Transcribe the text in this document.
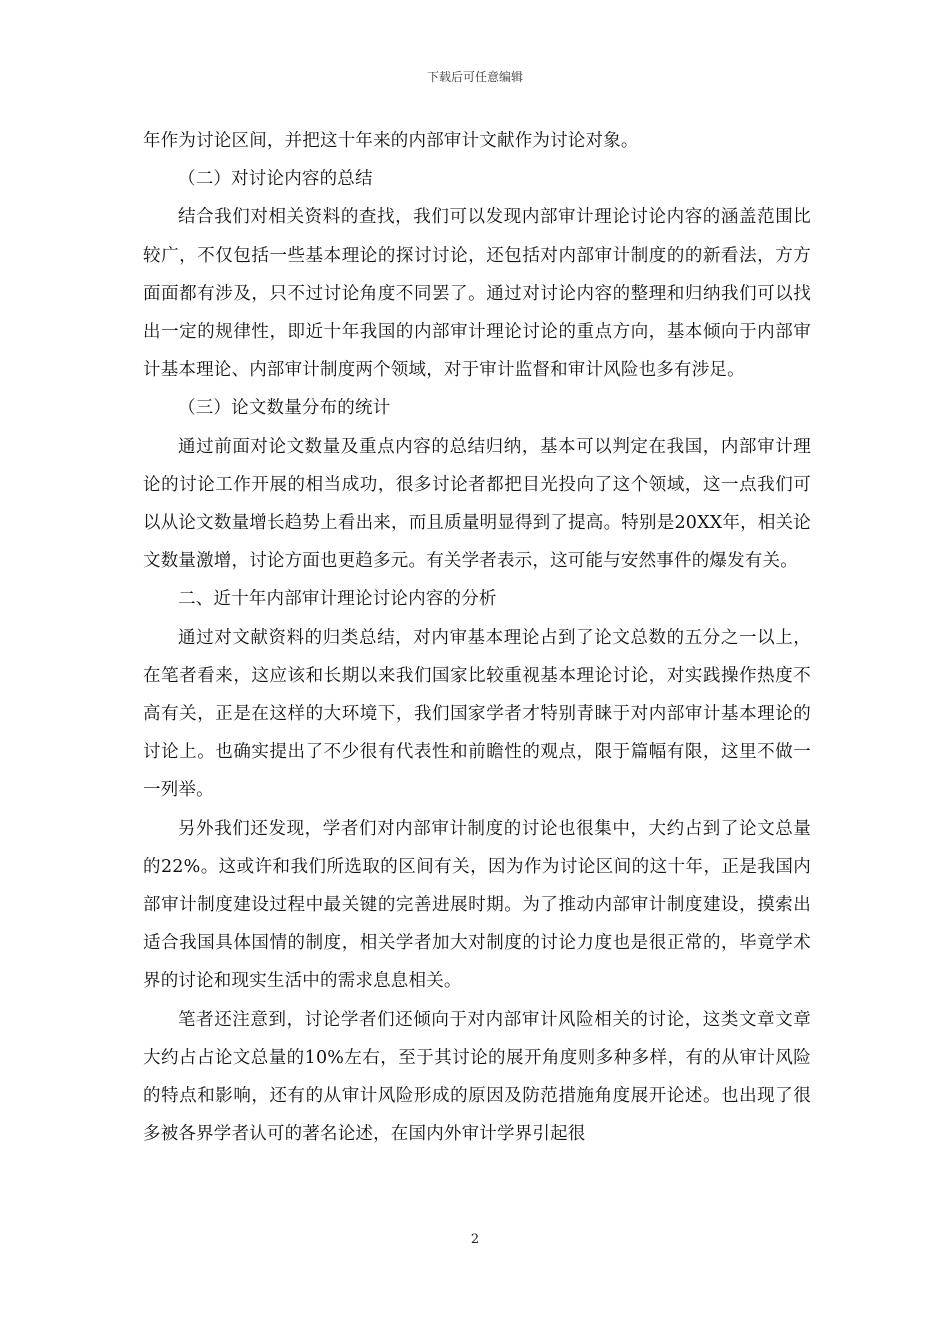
下载后可任意编辑

年作为讨论区间，并把这十年来的内部审计文献作为讨论对象。

（二）对讨论内容的总结

结合我们对相关资料的查找，我们可以发现内部审计理论讨论内容的涵盖范围比较广，不仅包括一些基本理论的探讨讨论，还包括对内部审计制度的的新看法，方方面面都有涉及，只不过讨论角度不同罢了。通过对讨论内容的整理和归纳我们可以找出一定的规律性，即近十年我国的内部审计理论讨论的重点方向，基本倾向于内部审计基本理论、内部审计制度两个领域，对于审计监督和审计风险也多有涉足。

（三）论文数量分布的统计

通过前面对论文数量及重点内容的总结归纳，基本可以判定在我国，内部审计理论的讨论工作开展的相当成功，很多讨论者都把目光投向了这个领域，这一点我们可以从论文数量增长趋势上看出来，而且质量明显得到了提高。特别是20XX年，相关论文数量激增，讨论方面也更趋多元。有关学者表示，这可能与安然事件的爆发有关。

二、近十年内部审计理论讨论内容的分析

通过对文献资料的归类总结，对内审基本理论占到了论文总数的五分之一以上，在笔者看来，这应该和长期以来我们国家比较重视基本理论讨论，对实践操作热度不高有关，正是在这样的大环境下，我们国家学者才特别青睐于对内部审计基本理论的讨论上。也确实提出了不少很有代表性和前瞻性的观点，限于篇幅有限，这里不做一一列举。

另外我们还发现，学者们对内部审计制度的讨论也很集中，大约占到了论文总量的22%。这或许和我们所选取的区间有关，因为作为讨论区间的这十年，正是我国内部审计制度建设过程中最关键的完善进展时期。为了推动内部审计制度建设，摸索出适合我国具体国情的制度，相关学者加大对制度的讨论力度也是很正常的，毕竟学术界的讨论和现实生活中的需求息息相关。

笔者还注意到，讨论学者们还倾向于对内部审计风险相关的讨论，这类文章文章大约占占论文总量的10%左右，至于其讨论的展开角度则多种多样，有的从审计风险的特点和影响，还有的从审计风险形成的原因及防范措施角度展开论述。也出现了很多被各界学者认可的著名论述，在国内外审计学界引起很

2
